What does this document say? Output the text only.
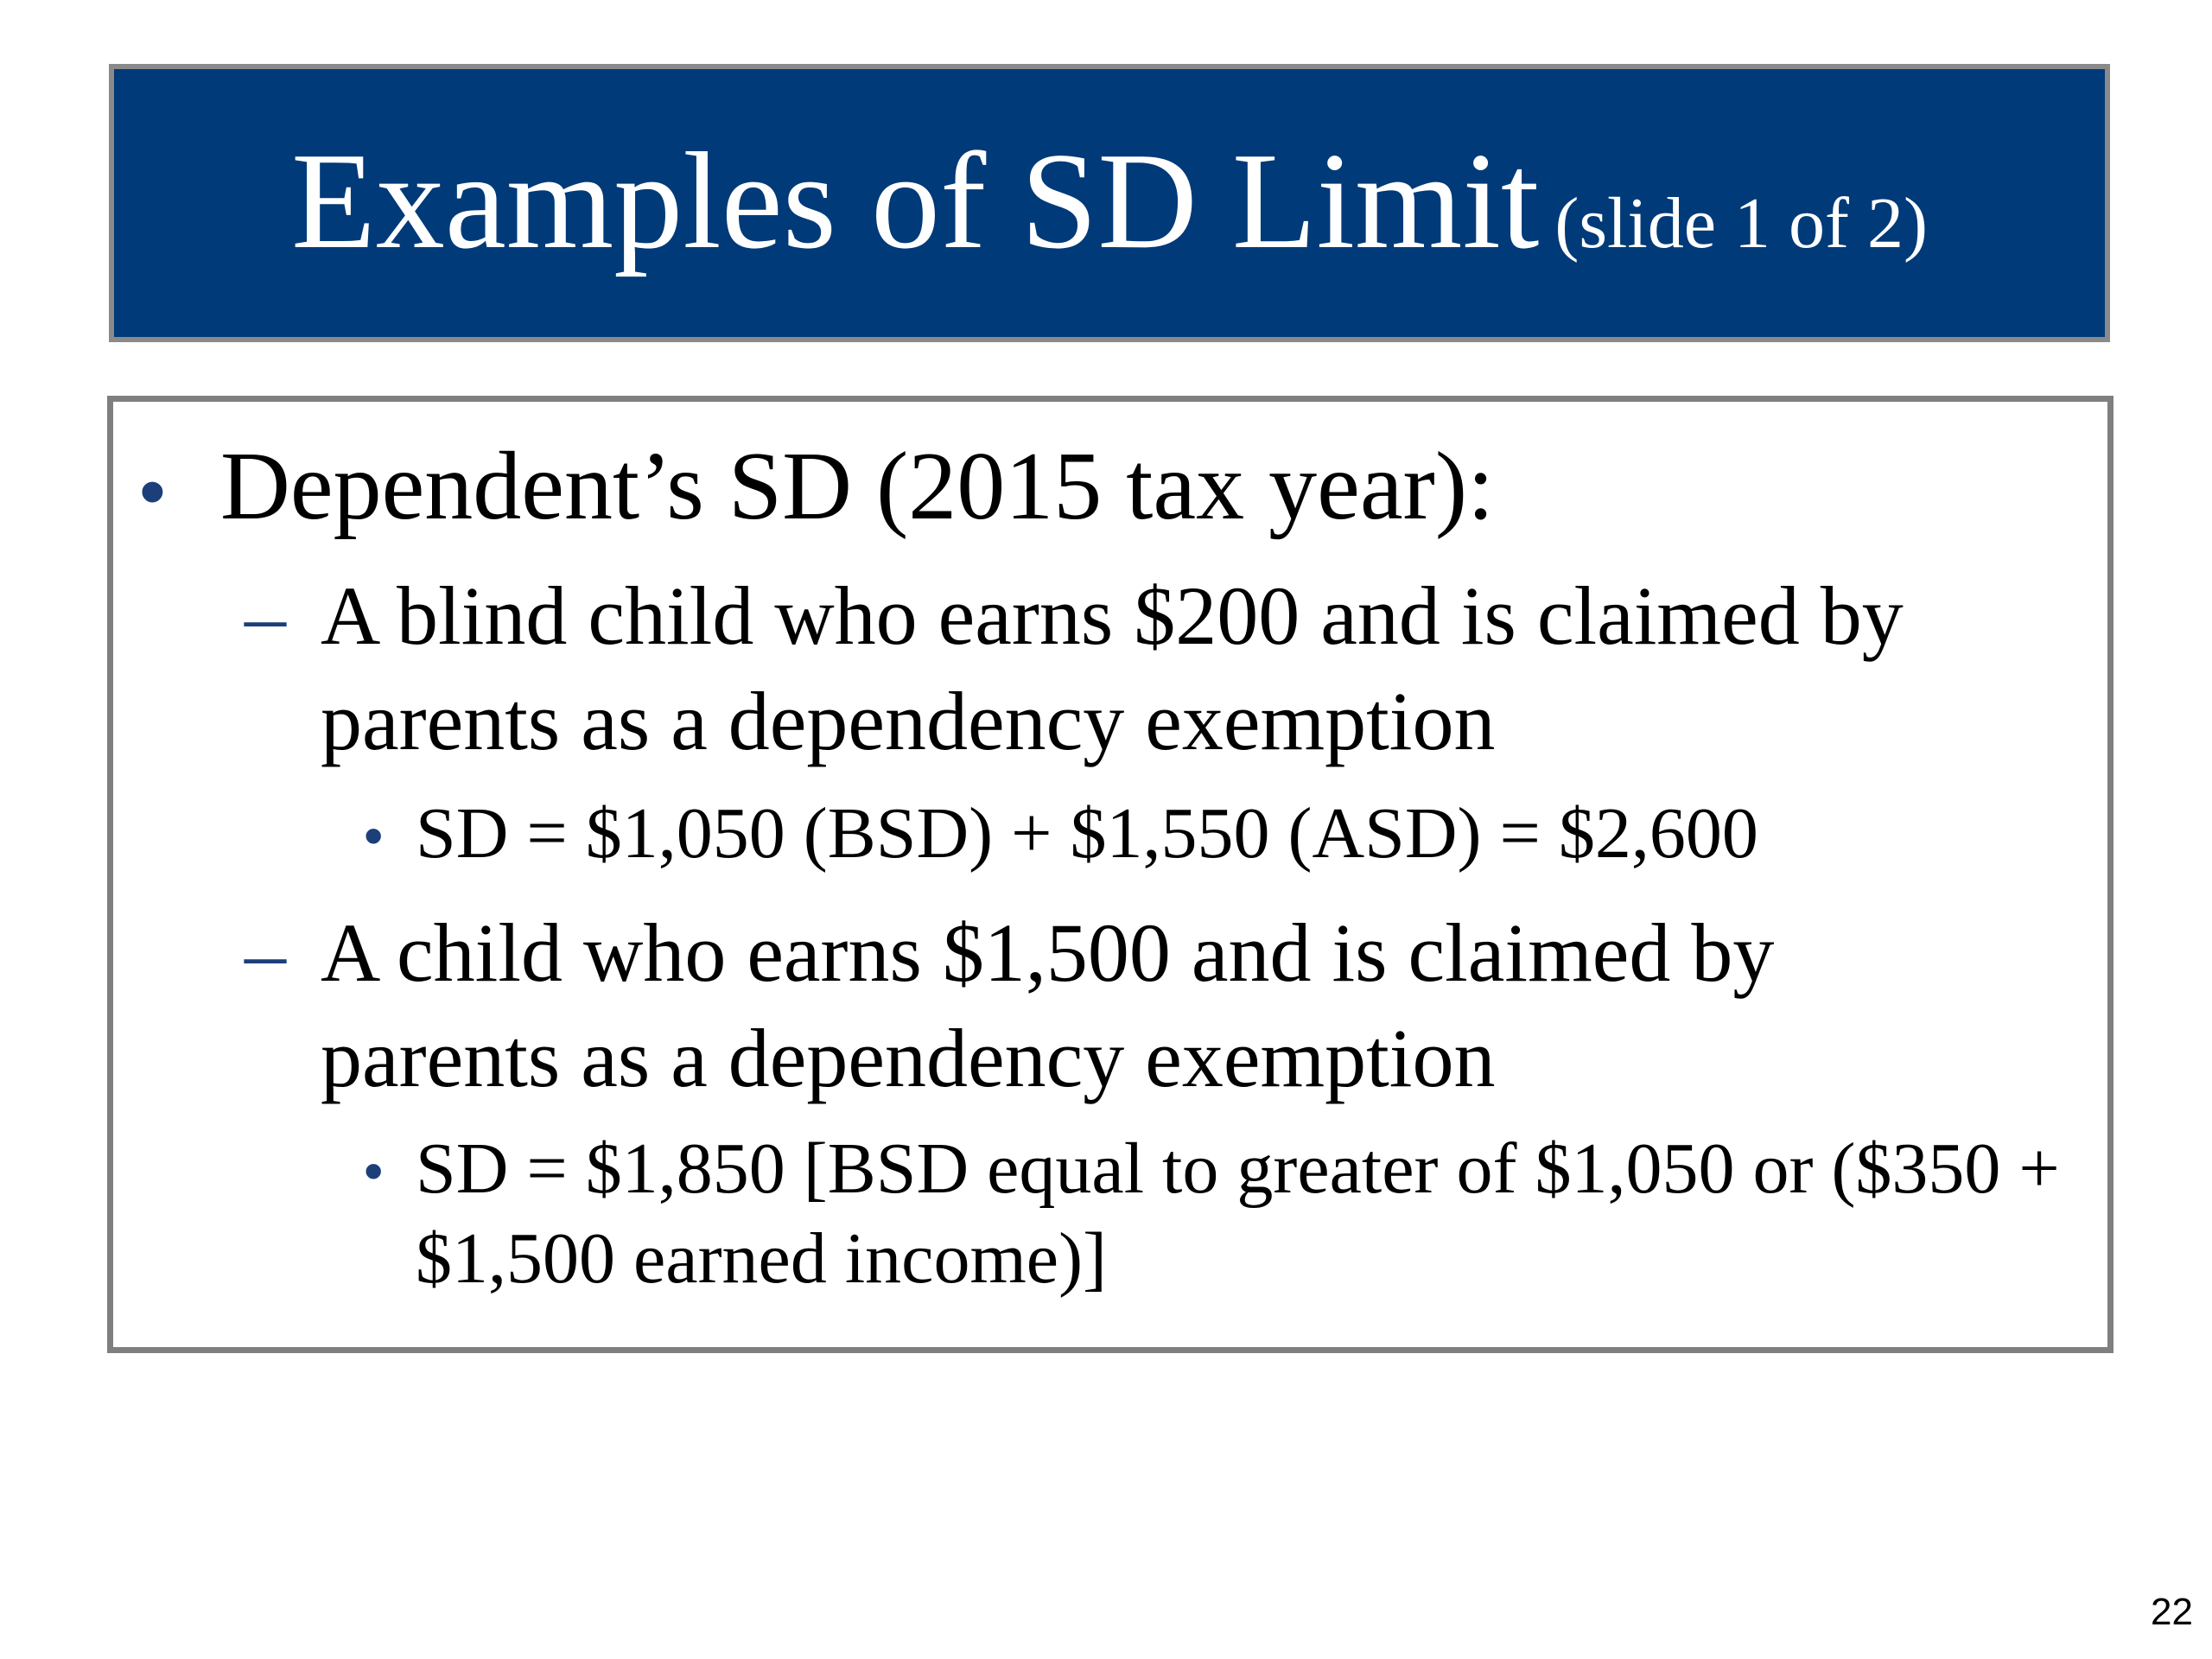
Examples of SD Limit (slide 1 of 2)
• Dependent’s SD (2015 tax year):
– A blind child who earns $200 and is claimed by
parents as a dependency exemption
• SD = $1,050 (BSD) + $1,550 (ASD) = $2,600
– A child who earns $1,500 and is claimed by
parents as a dependency exemption
• SD = $1,850 [BSD equal to greater of $1,050 or ($350 +
$1,500 earned income)]
22
